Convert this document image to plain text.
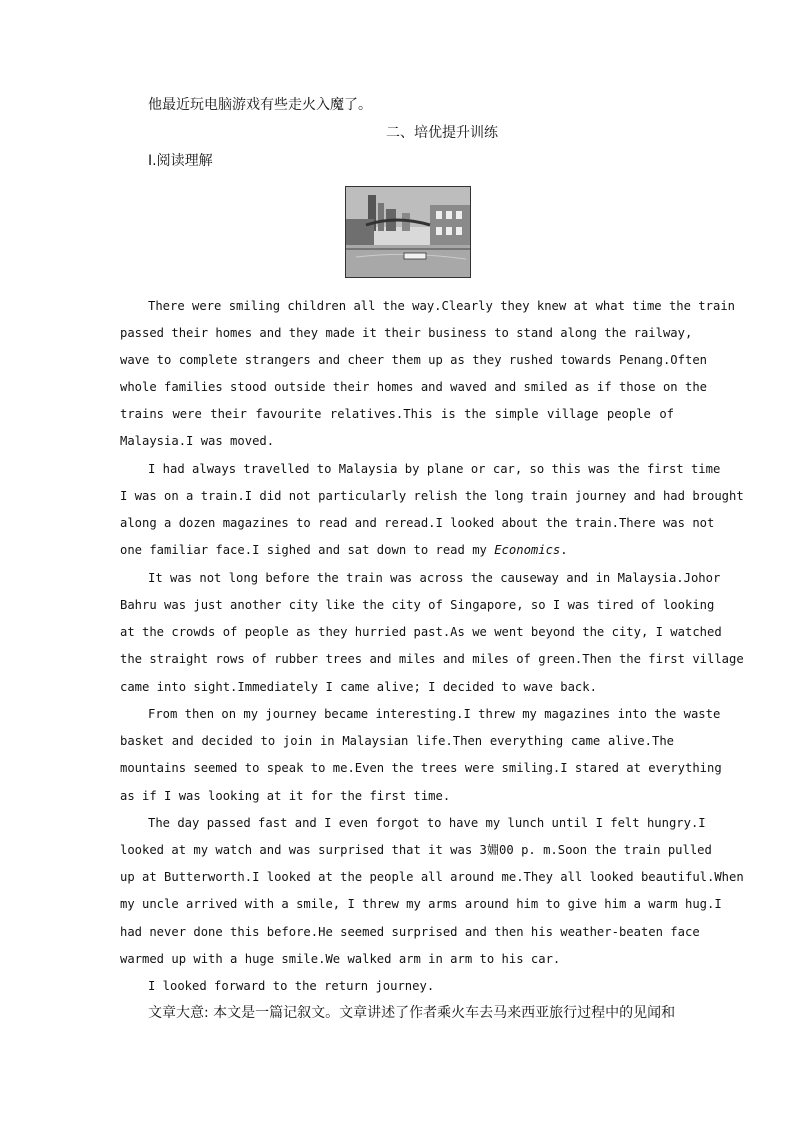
他最近玩电脑游戏有些走火入魔了。
二、培优提升训练
Ⅰ.阅读理解
There were smiling children all the way.Clearly they knew at what time the train
passed their homes and they made it their business to stand along the railway,
wave to complete strangers and cheer them up as they rushed towards Penang.Often
whole families stood outside their homes and waved and smiled as if those on the
trains were their favourite relatives.This is the simple village people of
Malaysia.I was moved.
I had always travelled to Malaysia by plane or car, so this was the first time
I was on a train.I did not particularly relish the long train journey and had brought
along a dozen magazines to read and reread.I looked about the train.There was not
one familiar face.I sighed and sat down to read my Economics.
It was not long before the train was across the causeway and in Malaysia.Johor
Bahru was just another city like the city of Singapore, so I was tired of looking
at the crowds of people as they hurried past.As we went beyond the city, I watched
the straight rows of rubber trees and miles and miles of green.Then the first village
came into sight.Immediately I came alive; I decided to wave back.
From then on my journey became interesting.I threw my magazines into the waste
basket and decided to join in Malaysian life.Then everything came alive.The
mountains seemed to speak to me.Even the trees were smiling.I stared at everything
as if I was looking at it for the first time.
The day passed fast and I even forgot to have my lunch until I felt hungry.I
looked at my watch and was surprised that it was 3婣00 p. m.Soon the train pulled
up at Butterworth.I looked at the people all around me.They all looked beautiful.When
my uncle arrived with a smile, I threw my arms around him to give him a warm hug.I
had never done this before.He seemed surprised and then his weather-beaten face
warmed up with a huge smile.We walked arm in arm to his car.
I looked forward to the return journey.
文章大意: 本文是一篇记叙文。文章讲述了作者乘火车去马来西亚旅行过程中的见闻和
